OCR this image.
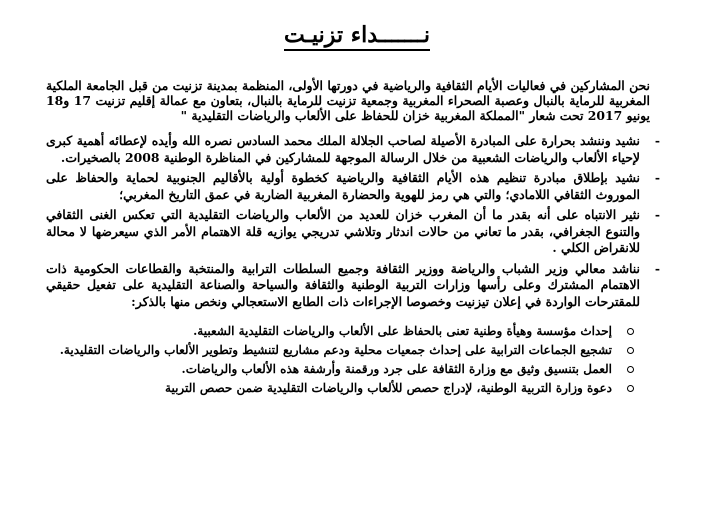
نـــــــداء تزنيـت

نحن المشاركين في فعاليات الأيام الثقافية والرياضية في دورتها الأولى، المنظمة بمدينة تزنيت من قبل الجامعة الملكية المغربية للرماية بالنبال وعصبة الصحراء المغربية وجمعية تزنيت للرماية بالنبال، بتعاون مع عمالة إقليم تزنيت 17 و18 يونيو 2017 تحت شعار "المملكة المغربية خزان للحفاظ على الألعاب والرياضات التقليدية "

-
نشيد وننشد بحرارة على المبادرة الأصيلة لصاحب الجلالة الملك محمد السادس نصره الله وأيده لإعطائه أهمية كبرى لإحياء الألعاب والرياضات الشعبية من خلال الرسالة الموجهة للمشاركين في المناظرة الوطنية 2008 بالصخيرات.
-
نشيد بإطلاق مبادرة تنظيم هذه الأيام الثقافية والرياضية كخطوة أولية بالأقاليم الجنوبية لحماية والحفاظ على الموروث الثقافي اللامادي؛ والتي هي رمز للهوية والحضارة المغربية الضاربة في عمق التاريخ المغربي؛
-
نثير الانتباه على أنه بقدر ما أن المغرب خزان للعديد من الألعاب والرياضات التقليدية التي تعكس الغنى الثقافي والتنوع الجغرافي، بقدر ما تعاني من حالات اندثار وتلاشي تدريجي يوازيه قلة الاهتمام الأمر الذي سيعرضها لا محالة للانقراض الكلي .
-
نناشد معالي وزير الشباب والرياضة ووزير الثقافة وجميع السلطات الترابية والمنتخبة والقطاعات الحكومية ذات الاهتمام المشترك وعلى رأسها وزارات التربية الوطنية والثقافة والسياحة والصناعة التقليدية على تفعيل حقيقي للمقترحات الواردة في إعلان تيزنيت وخصوصا الإجراءات ذات الطابع الاستعجالي ونخص منها بالذكر:
إحداث مؤسسة وهيأة وطنية تعنى بالحفاظ على الألعاب والرياضات التقليدية الشعبية.
تشجيع الجماعات الترابية على إحداث جمعيات محلية ودعم مشاريع لتنشيط وتطوير الألعاب والرياضات التقليدية.
العمل بتنسيق وثيق مع وزارة الثقافة على جرد ورقمنة وأرشفة هذه الألعاب والرياضات.
دعوة وزارة التربية الوطنية، لإدراج حصص للألعاب والرياضات التقليدية ضمن حصص التربية
